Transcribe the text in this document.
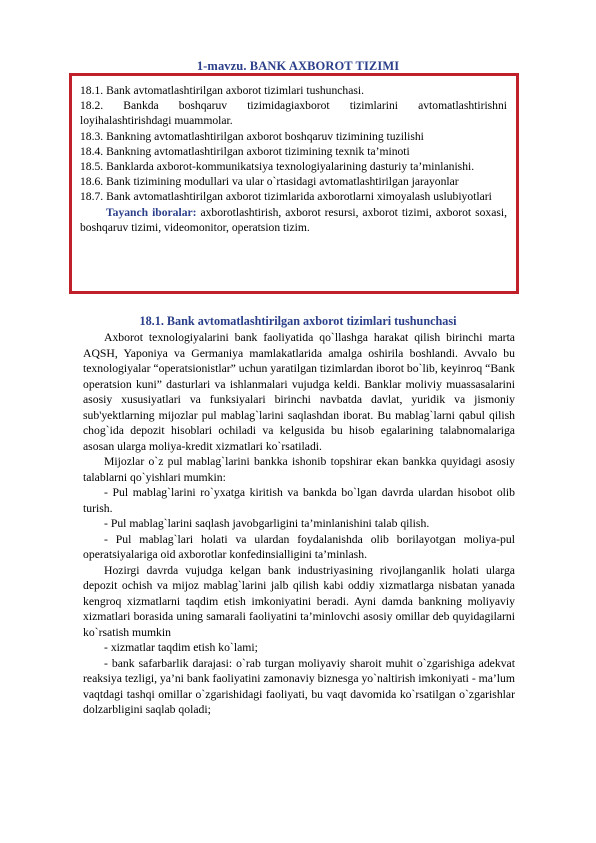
1-mavzu. BANK AXBOROT TIZIMI

18.1. Bank avtomatlashtirilgan axborot tizimlari tushunchasi.

18.2. Bankda boshqaruv tizimidagiaxborot tizimlarini avtomatlashtirishni loyihalashtirishdagi muammolar.

18.3. Bankning avtomatlashtirilgan axborot boshqaruv tizimining tuzilishi

18.4. Bankning avtomatlashtirilgan axborot tizimining texnik ta’minoti

18.5. Banklarda axborot-kommunikatsiya texnologiyalarining dasturiy ta’minlanishi.

18.6. Bank tizimining modullari va ular o`rtasidagi avtomatlashtirilgan jarayonlar

18.7. Bank avtomatlashtirilgan axborot tizimlarida axborotlarni ximoyalash uslubiyotlari

Tayanch iboralar: axborotlashtirish, axborot resursi, axborot tizimi, axborot soxasi, boshqaruv tizimi, videomonitor, operatsion tizim.

18.1. Bank avtomatlashtirilgan axborot tizimlari tushunchasi

Axborot texnologiyalarini bank faoliyatida qo`llashga harakat qilish birinchi marta AQSH, Yaponiya va Germaniya mamlakatlarida amalga oshirila boshlandi. Avvalo bu texnologiyalar “operatsionistlar” uchun yaratilgan tizimlardan iborot bo`lib, keyinroq “Bank operatsion kuni” dasturlari va ishlanmalari vujudga keldi. Banklar moliviy muassasalarini asosiy xususiyatlari va funksiyalari birinchi navbatda davlat, yuridik va jismoniy sub'yektlarning mijozlar pul mablag`larini saqlashdan iborat. Bu mablag`larni qabul qilish chog`ida depozit hisoblari ochiladi va kelgusida bu hisob egalarining talabnomalariga asosan ularga moliya-kredit xizmatlari ko`rsatiladi.

Mijozlar o`z pul mablag`larini bankka ishonib topshirar ekan bankka quyidagi asosiy talablarni qo`yishlari mumkin:

- Pul mablag`larini ro`yxatga kiritish va bankda bo`lgan davrda ulardan hisobot olib turish.

- Pul mablag`larini saqlash javobgarligini ta’minlanishini talab qilish.

- Pul mablag`lari holati va ulardan foydalanishda olib borilayotgan moliya-pul operatsiyalariga oid axborotlar konfedinsialligini ta’minlash.

Hozirgi davrda vujudga kelgan bank industriyasining rivojlanganlik holati ularga depozit ochish va mijoz mablag`larini jalb qilish kabi oddiy xizmatlarga nisbatan yanada kengroq xizmatlarni taqdim etish imkoniyatini beradi. Ayni damda bankning moliyaviy xizmatlari borasida uning samarali faoliyatini ta’minlovchi asosiy omillar deb quyidagilarni ko`rsatish mumkin

- xizmatlar taqdim etish ko`lami;

- bank safarbarlik darajasi: o`rab turgan moliyaviy sharoit muhit o`zgarishiga adekvat reaksiya tezligi, ya’ni bank faoliyatini zamonaviy biznesga yo`naltirish imkoniyati - ma’lum vaqtdagi tashqi omillar o`zgarishidagi faoliyati, bu vaqt davomida ko`rsatilgan o`zgarishlar dolzarbligini saqlab qoladi;
